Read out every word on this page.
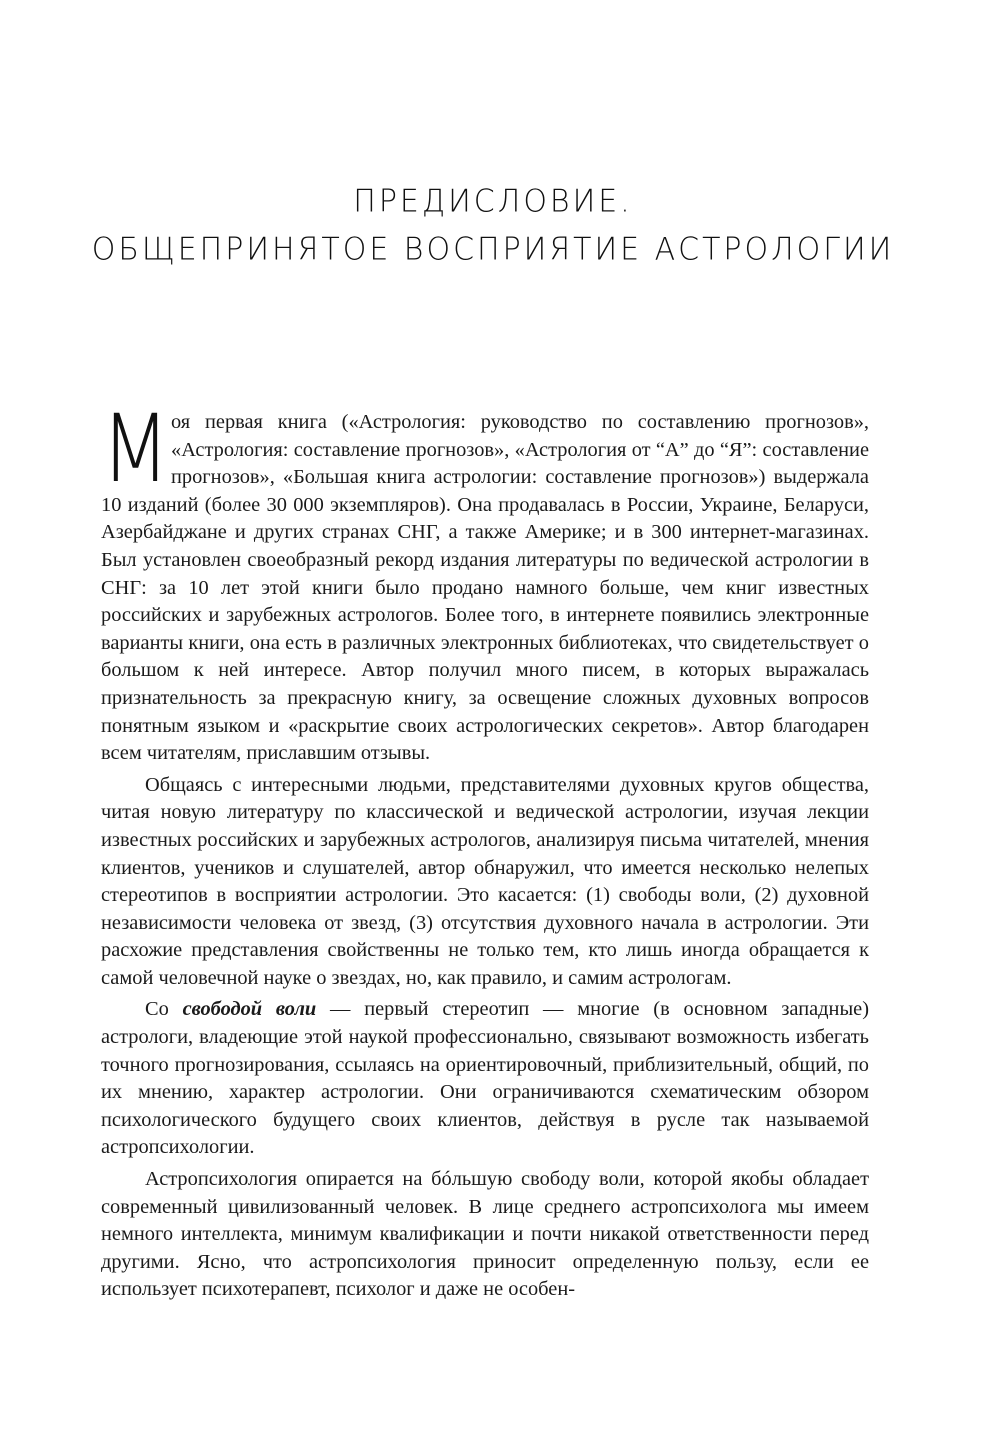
ПРЕДИСЛОВИЕ.
ОБЩЕПРИНЯТОЕ ВОСПРИЯТИЕ АСТРОЛОГИИ

Моя первая книга («Астрология: руководство по составлению прогнозов», «Астрология: составление прогнозов», «Астрология от “А” до “Я”: составление прогнозов», «Большая книга астрологии: составление прогнозов») выдержала 10 изданий (более 30 000 экземпляров). Она продавалась в России, Украине, Беларуси, Азербайджане и других странах СНГ, а также Америке; и в 300 интернет-магазинах. Был установлен своеобразный рекорд издания литературы по ведической астрологии в СНГ: за 10 лет этой книги было продано намного больше, чем книг известных российских и зарубежных астрологов. Более того, в интернете появились электронные варианты книги, она есть в различных электронных библиотеках, что свидетельствует о большом к ней интересе. Автор получил много писем, в которых выражалась признательность за прекрасную книгу, за освещение сложных духовных вопросов понятным языком и «раскрытие своих астрологических секретов». Автор благодарен всем читателям, приславшим отзывы.

Общаясь с интересными людьми, представителями духовных кругов общества, читая новую литературу по классической и ведической астрологии, изучая лекции известных российских и зарубежных астрологов, анализируя письма читателей, мнения клиентов, учеников и слушателей, автор обнаружил, что имеется несколько нелепых стереотипов в восприятии астрологии. Это касается: (1) свободы воли, (2) духовной независимости человека от звезд, (3) отсутствия духовного начала в астрологии. Эти расхожие представления свойственны не только тем, кто лишь иногда обращается к самой человечной науке о звездах, но, как правило, и самим астрологам.

Со свободой воли — первый стереотип — многие (в основном западные) астрологи, владеющие этой наукой профессионально, связывают возможность избегать точного прогнозирования, ссылаясь на ориентировочный, приблизительный, общий, по их мнению, характер астрологии. Они ограничиваются схематическим обзором психологического будущего своих клиентов, действуя в русле так называемой астропсихологии.

Астропсихология опирается на бóльшую свободу воли, которой якобы обладает современный цивилизованный человек. В лице среднего астропсихолога мы имеем немного интеллекта, минимум квалификации и почти никакой ответственности перед другими. Ясно, что астропсихология приносит определенную пользу, если ее использует психотерапевт, психолог и даже не особен-
